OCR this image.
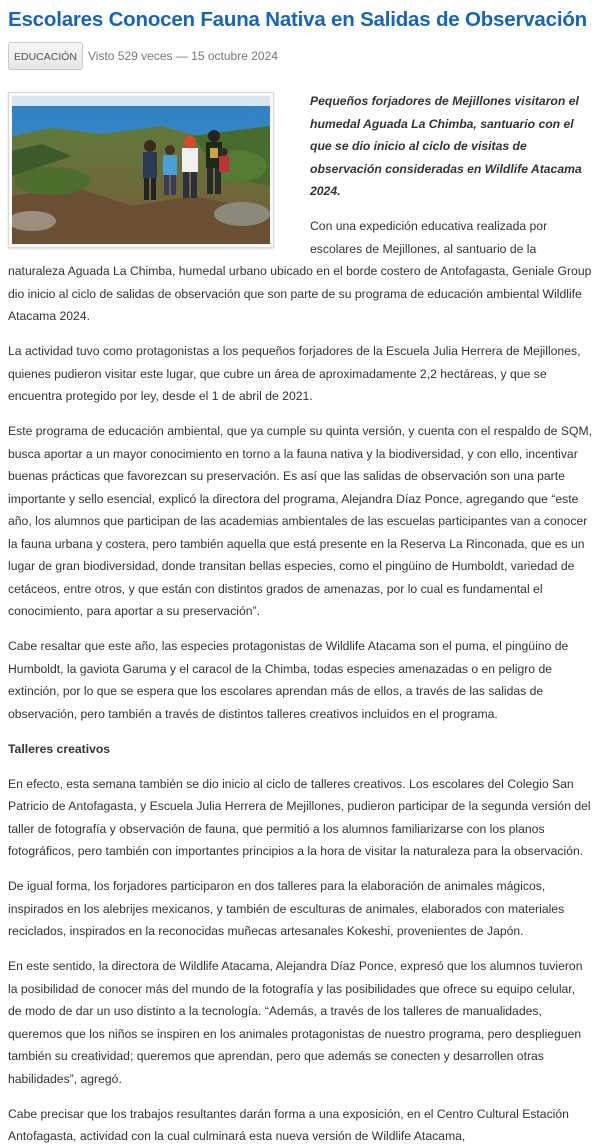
Escolares Conocen Fauna Nativa en Salidas de Observación
EDUCACIÓN Visto 529 veces — 15 octubre 2024

Pequeños forjadores de Mejillones visitaron el humedal Aguada La Chimba, santuario con el que se dio inicio al ciclo de visitas de observación consideradas en Wildlife Atacama 2024.

Con una expedición educativa realizada por escolares de Mejillones, al santuario de la naturaleza Aguada La Chimba, humedal urbano ubicado en el borde costero de Antofagasta, Geniale Group dio inicio al ciclo de salidas de observación que son parte de su programa de educación ambiental Wildlife Atacama 2024.

La actividad tuvo como protagonistas a los pequeños forjadores de la Escuela Julia Herrera de Mejillones, quienes pudieron visitar este lugar, que cubre un área de aproximadamente 2,2 hectáreas, y que se encuentra protegido por ley, desde el 1 de abril de 2021.

Este programa de educación ambiental, que ya cumple su quinta versión, y cuenta con el respaldo de SQM, busca aportar a un mayor conocimiento en torno a la fauna nativa y la biodiversidad, y con ello, incentivar buenas prácticas que favorezcan su preservación. Es así que las salidas de observación son una parte importante y sello esencial, explicó la directora del programa, Alejandra Díaz Ponce, agregando que “este año, los alumnos que participan de las academias ambientales de las escuelas participantes van a conocer la fauna urbana y costera, pero también aquella que está presente en la Reserva La Rinconada, que es un lugar de gran biodiversidad, donde transitan bellas especies, como el pingüino de Humboldt, variedad de cetáceos, entre otros, y que están con distintos grados de amenazas, por lo cual es fundamental el conocimiento, para aportar a su preservación”.

Cabe resaltar que este año, las especies protagonistas de Wildlife Atacama son el puma, el pingüino de Humboldt, la gaviota Garuma y el caracol de la Chimba, todas especies amenazadas o en peligro de extinción, por lo que se espera que los escolares aprendan más de ellos, a través de las salidas de observación, pero también a través de distintos talleres creativos incluidos en el programa.

Talleres creativos

En efecto, esta semana también se dio inicio al ciclo de talleres creativos. Los escolares del Colegio San Patricio de Antofagasta, y Escuela Julia Herrera de Mejillones, pudieron participar de la segunda versión del taller de fotografía y observación de fauna, que permitió a los alumnos familiarizarse con los planos fotográficos, pero también con importantes principios a la hora de visitar la naturaleza para la observación.

De igual forma, los forjadores participaron en dos talleres para la elaboración de animales mágicos, inspirados en los alebrijes mexicanos, y también de esculturas de animales, elaborados con materiales reciclados, inspirados en la reconocidas muñecas artesanales Kokeshi, provenientes de Japón.

En este sentido, la directora de Wildlife Atacama, Alejandra Díaz Ponce, expresó que los alumnos tuvieron la posibilidad de conocer más del mundo de la fotografía y las posibilidades que ofrece su equipo celular, de modo de dar un uso distinto a la tecnología. “Además, a través de los talleres de manualidades, queremos que los niños se inspiren en los animales protagonistas de nuestro programa, pero desplieguen también su creatividad; queremos que aprendan, pero que además se conecten y desarrollen otras habilidades”, agregó.

Cabe precisar que los trabajos resultantes darán forma a una exposición, en el Centro Cultural Estación Antofagasta, actividad con la cual culminará esta nueva versión de Wildlife Atacama,
